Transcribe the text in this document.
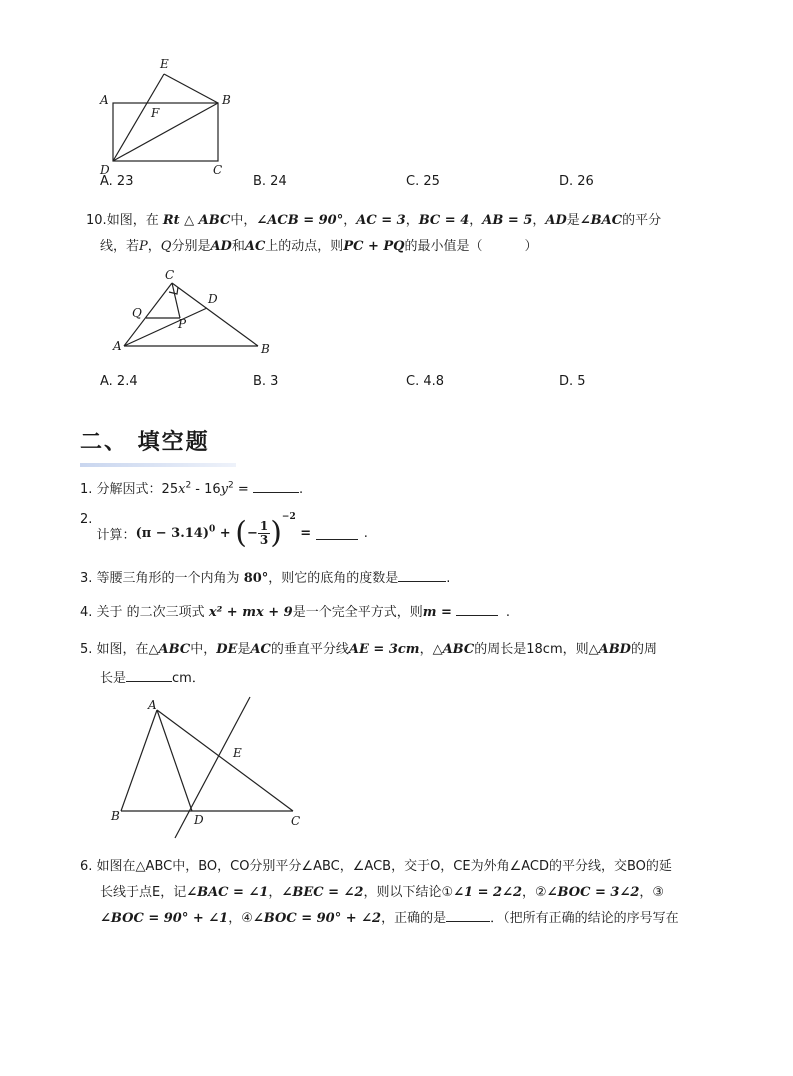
E
A	B
F
D	C
A. 23	B. 24	C. 25	D. 26
10.如图，在 Rt △ ABC中，∠ACB = 90°，AC = 3，BC = 4，AB = 5，AD是∠BAC的平分
线，若P，Q分别是AD和AC上的动点，则PC + PQ的最小值是（	）
C
D
Q
P
A	B
A. 2.4	B. 3	C. 4.8	D. 5
二、 填空题
1. 分解因式：$25x^2 - 16y^2$ =	.
2. 计算：$(\pi - 3.14)^0$ + (− $\frac{1}{3} )^{-2}$ =	.
3. 等腰三角形的一个内角为 80°，则它的底角的度数是	.
4. 关于 的二次三项式 x² + mx + 9是一个完全平方式，则m =	.
5. 如图，在△ABC中，DE是AC的垂直平分线AE = 3cm，△ABC的周长是18cm，则△ABD的周
长是	cm．
A
E
B	D	C
6. 如图在△ABC中，BO，CO分别平分∠ABC，∠ACB，交于O，CE为外角∠ACD的平分线，交BO的延
长线于点E，记∠BAC = ∠1，∠BEC = ∠2，则以下结论①∠1 = 2∠2，②∠BOC = 3∠2，③
∠BOC = 90° + ∠1，④∠BOC = 90° + ∠2，正确的是	．（把所有正确的结论的序号写在
